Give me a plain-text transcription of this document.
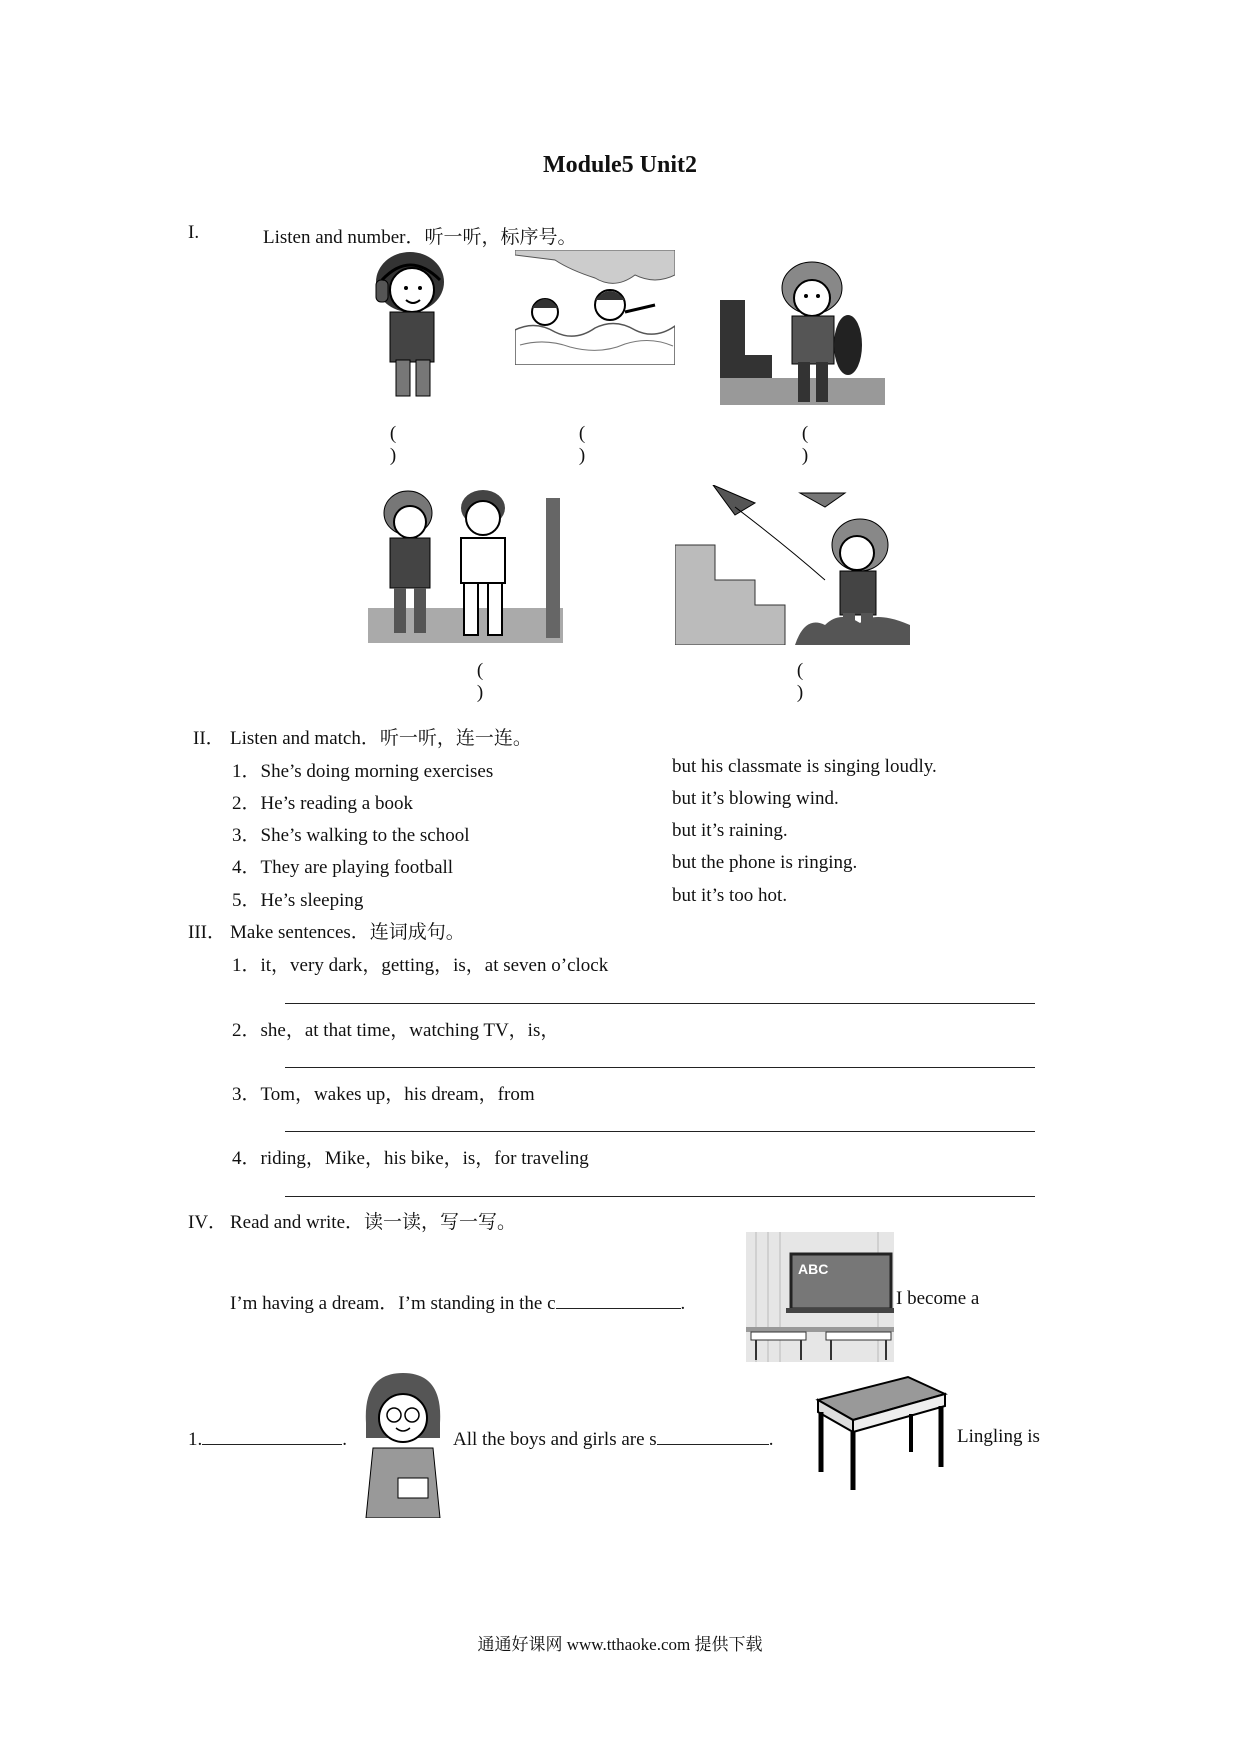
Module5 Unit2
I.	Listen and number．听一听，标序号。
()
()
()
()
()
II． Listen and match．听一听，连一连。
1．She’s doing morning exercises
2．He’s reading a book
3．She’s walking to the school
4．They are playing football
5．He’s sleeping
but his classmate is singing loudly.
but it’s blowing wind.
but it’s raining.
but the phone is ringing.
but it’s too hot.
III． Make sentences．连词成句。
1．it，very dark，getting，is，at seven o’clock
2．she，at that time，watching TV，is，
3．Tom，wakes up，his dream，from
4．riding，Mike，his bike，is，for traveling
IV． Read and write．读一读，写一写。
ABC
I’m having a dream．I’m standing in the c	.	I become a
1.	.	All the boys and girls are s	.	Lingling is
通通好课网 www.tthaoke.com 提供下载
